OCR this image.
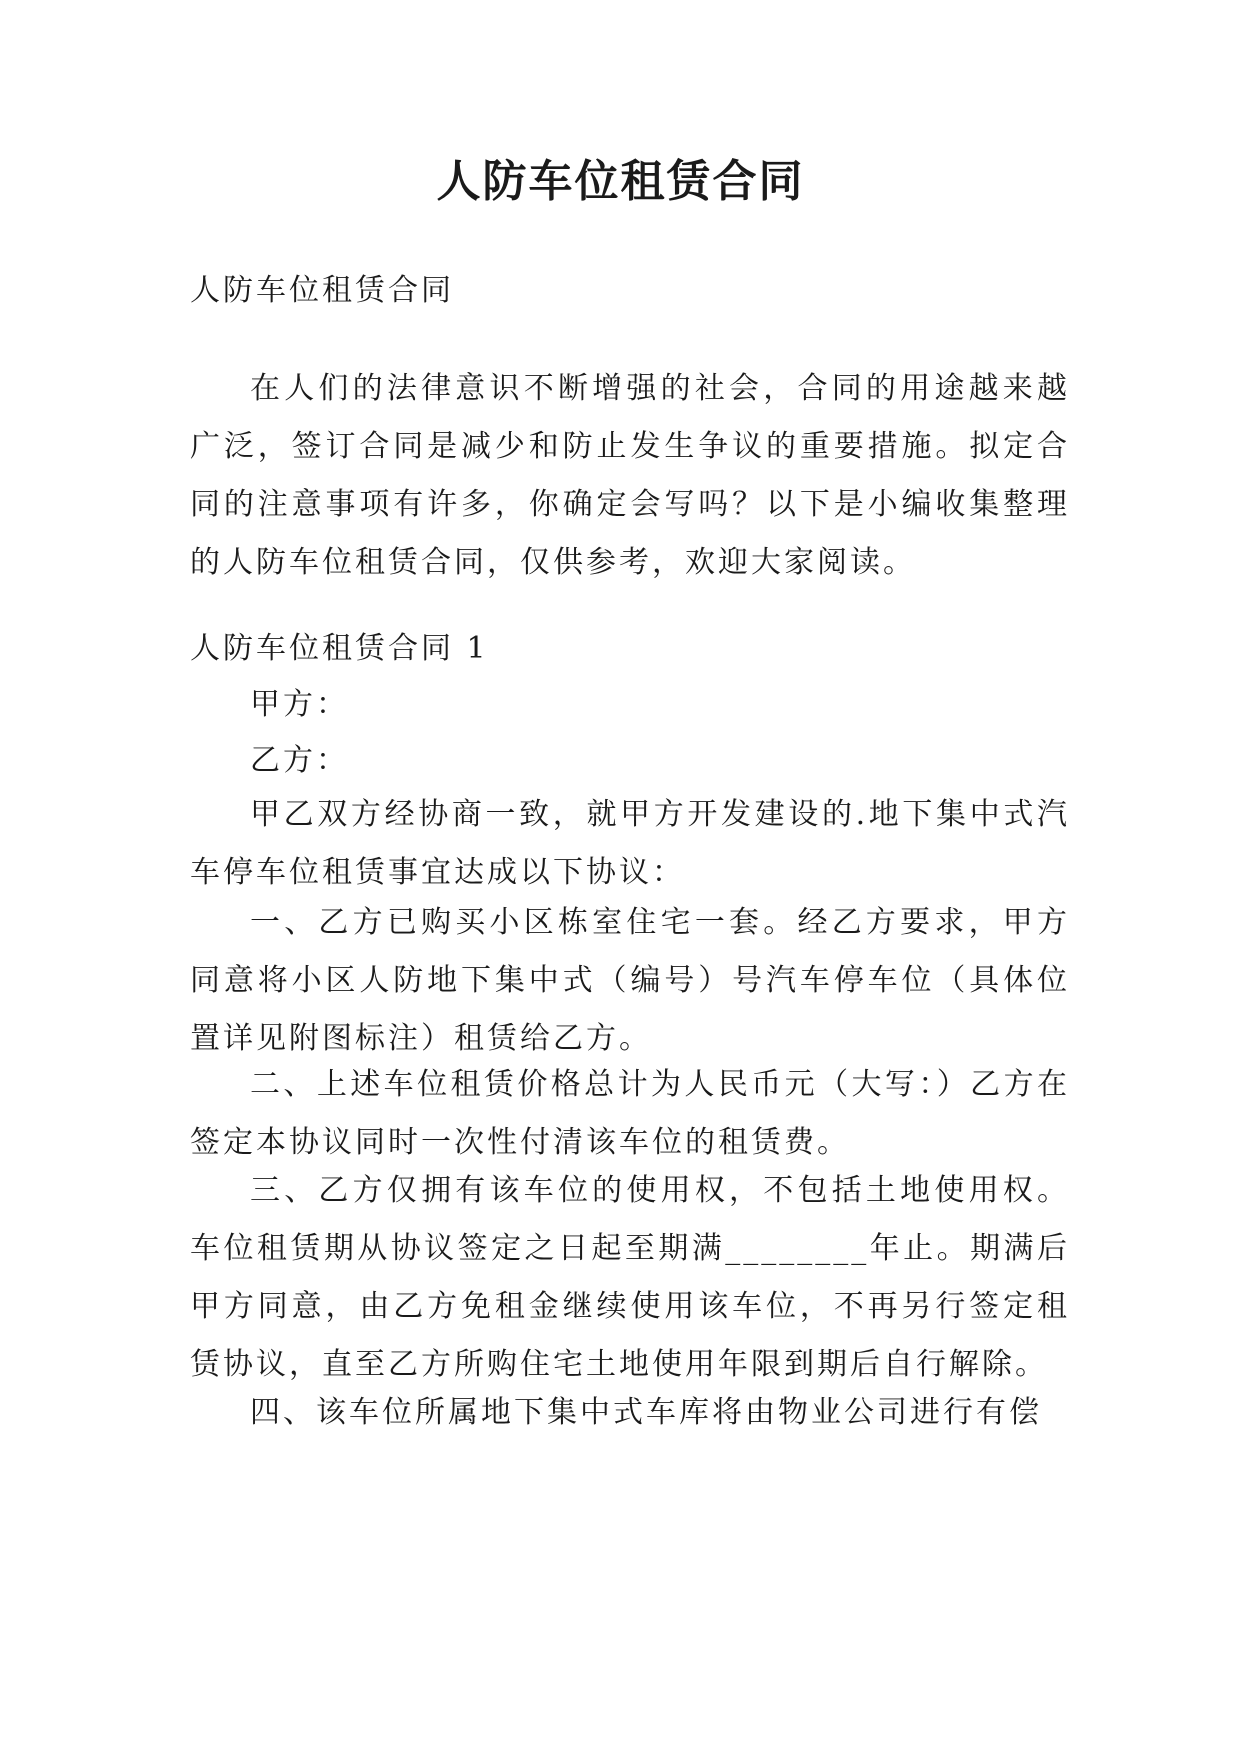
人防车位租赁合同
人防车位租赁合同

在人们的法律意识不断增强的社会，合同的用途越来越广泛，签订合同是减少和防止发生争议的重要措施。拟定合同的注意事项有许多，你确定会写吗？以下是小编收集整理的人防车位租赁合同，仅供参考，欢迎大家阅读。

人防车位租赁合同 1

甲方：

乙方：

甲乙双方经协商一致，就甲方开发建设的.地下集中式汽车停车位租赁事宜达成以下协议：

一、乙方已购买小区栋室住宅一套。经乙方要求，甲方同意将小区人防地下集中式（编号）号汽车停车位（具体位置详见附图标注）租赁给乙方。

二、上述车位租赁价格总计为人民币元（大写：）乙方在签定本协议同时一次性付清该车位的租赁费。

三、乙方仅拥有该车位的使用权，不包括土地使用权。车位租赁期从协议签定之日起至期满________年止。期满后甲方同意，由乙方免租金继续使用该车位，不再另行签定租赁协议，直至乙方所购住宅土地使用年限到期后自行解除。

四、该车位所属地下集中式车库将由物业公司进行有偿
